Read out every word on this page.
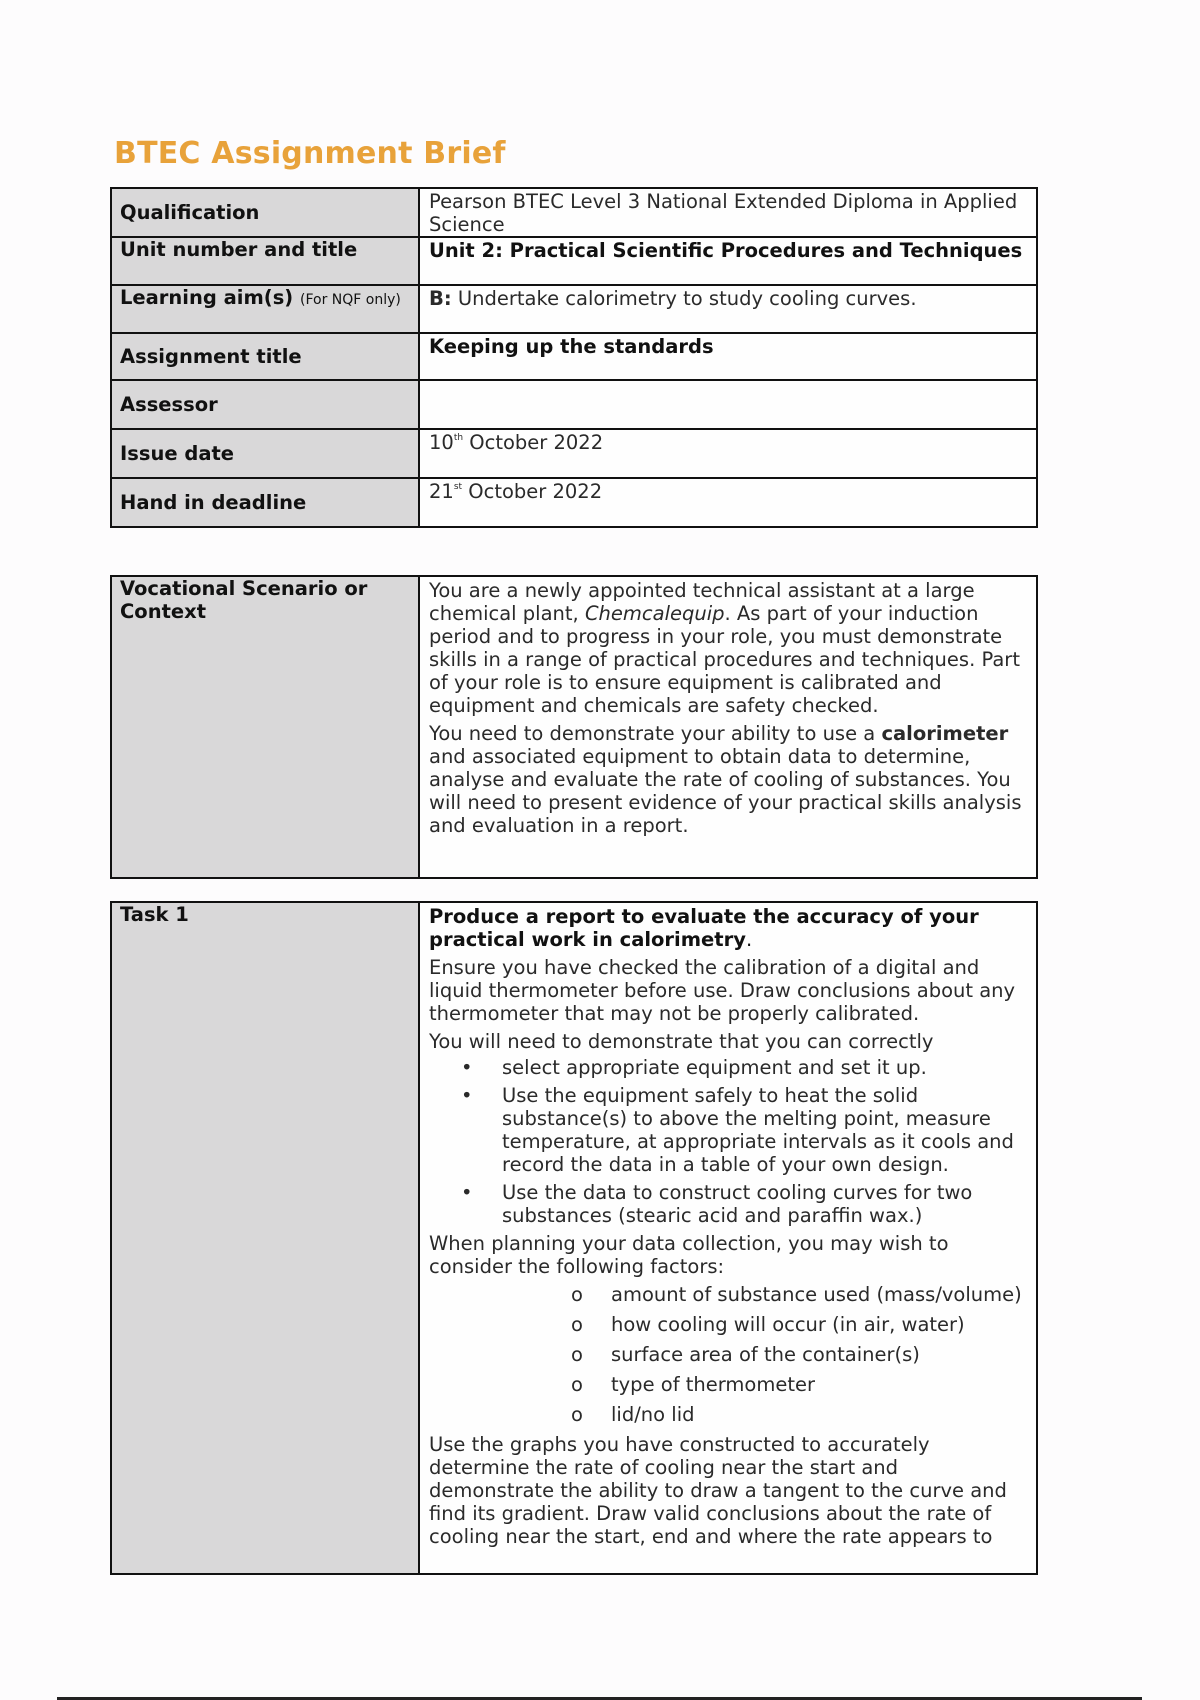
BTEC Assignment Brief
Qualification	Pearson BTEC Level 3 National Extended Diploma in Applied Science
Unit number and title	Unit 2: Practical Scientific Procedures and Techniques
Learning aim(s) (For NQF only)	B: Undertake calorimetry to study cooling curves.
Assignment title	Keeping up the standards
Assessor	
Issue date	10th October 2022
Hand in deadline	21st October 2022
Vocational Scenario or Context	

You are a newly appointed technical assistant at a large chemical plant, Chemcalequip. As part of your induction period and to progress in your role, you must demonstrate skills in a range of practical procedures and techniques. Part of your role is to ensure equipment is calibrated and equipment and chemicals are safety checked.

You need to demonstrate your ability to use a calorimeter and associated equipment to obtain data to determine, analyse and evaluate the rate of cooling of substances. You will need to present evidence of your practical skills analysis and evaluation in a report.

Task 1	Produce a report to evaluate the accuracy of your practical work in calorimetry.

Ensure you have checked the calibration of a digital and liquid thermometer before use. Draw conclusions about any thermometer that may not be properly calibrated.

You will need to demonstrate that you can correctly

• select appropriate equipment and set it up.
• Use the equipment safely to heat the solid substance(s) to above the melting point, measure temperature, at appropriate intervals as it cools and record the data in a table of your own design.
• Use the data to construct cooling curves for two substances (stearic acid and paraffin wax.)

When planning your data collection, you may wish to consider the following factors:

o amount of substance used (mass/volume)
o how cooling will occur (in air, water)
o surface area of the container(s)
o type of thermometer
o lid/no lid

Use the graphs you have constructed to accurately determine the rate of cooling near the start and demonstrate the ability to draw a tangent to the curve and find its gradient. Draw valid conclusions about the rate of cooling near the start, end and where the rate appears to
